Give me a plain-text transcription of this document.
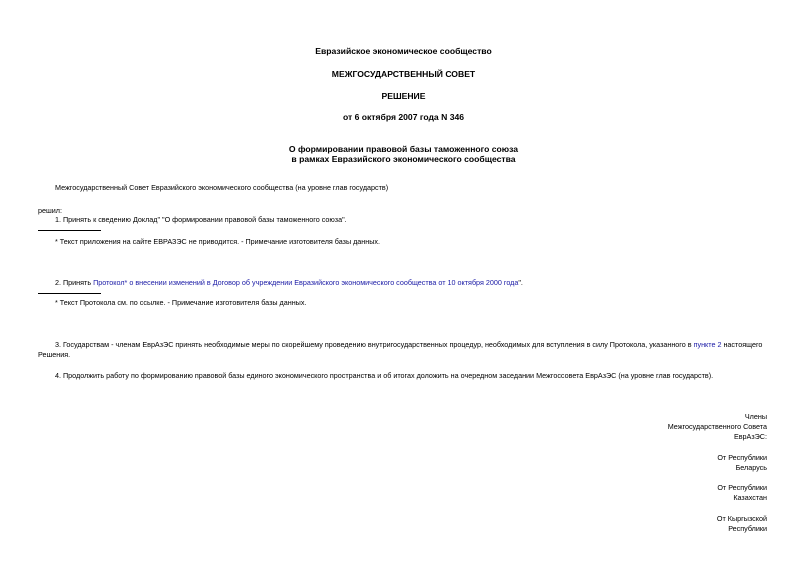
Евразийское экономическое сообщество
МЕЖГОСУДАРСТВЕННЫЙ СОВЕТ
РЕШЕНИЕ
от 6 октября 2007 года N 346
О формировании правовой базы таможенного союза
в рамках Евразийского экономического сообщества
Межгосударственный Совет Евразийского экономического сообщества (на уровне глав государств)
решил:
1. Принять к сведению Доклад" "О формировании правовой базы таможенного союза".
* Текст приложения на сайте ЕВРАЗЭС не приводится. - Примечание изготовителя базы данных.
2. Принять Протокол* о внесении изменений в Договор об учреждении Евразийского экономического сообщества от 10 октября 2000 года".
* Текст Протокола см. по ссылке. - Примечание изготовителя базы данных.
3. Государствам - членам ЕврАзЭС принять необходимые меры по скорейшему проведению внутригосударственных процедур, необходимых для вступления в силу Протокола, указанного в пункте 2 настоящего
Решения.
4. Продолжить работу по формированию правовой базы единого экономического пространства и об итогах доложить на очередном заседании Межгоссовета ЕврАзЭС (на уровне глав государств).
Члены
Межгосударственного Совета
ЕврАзЭС:
От Республики
Беларусь
От Республики
Казахстан
От Кыргызской
Республики
